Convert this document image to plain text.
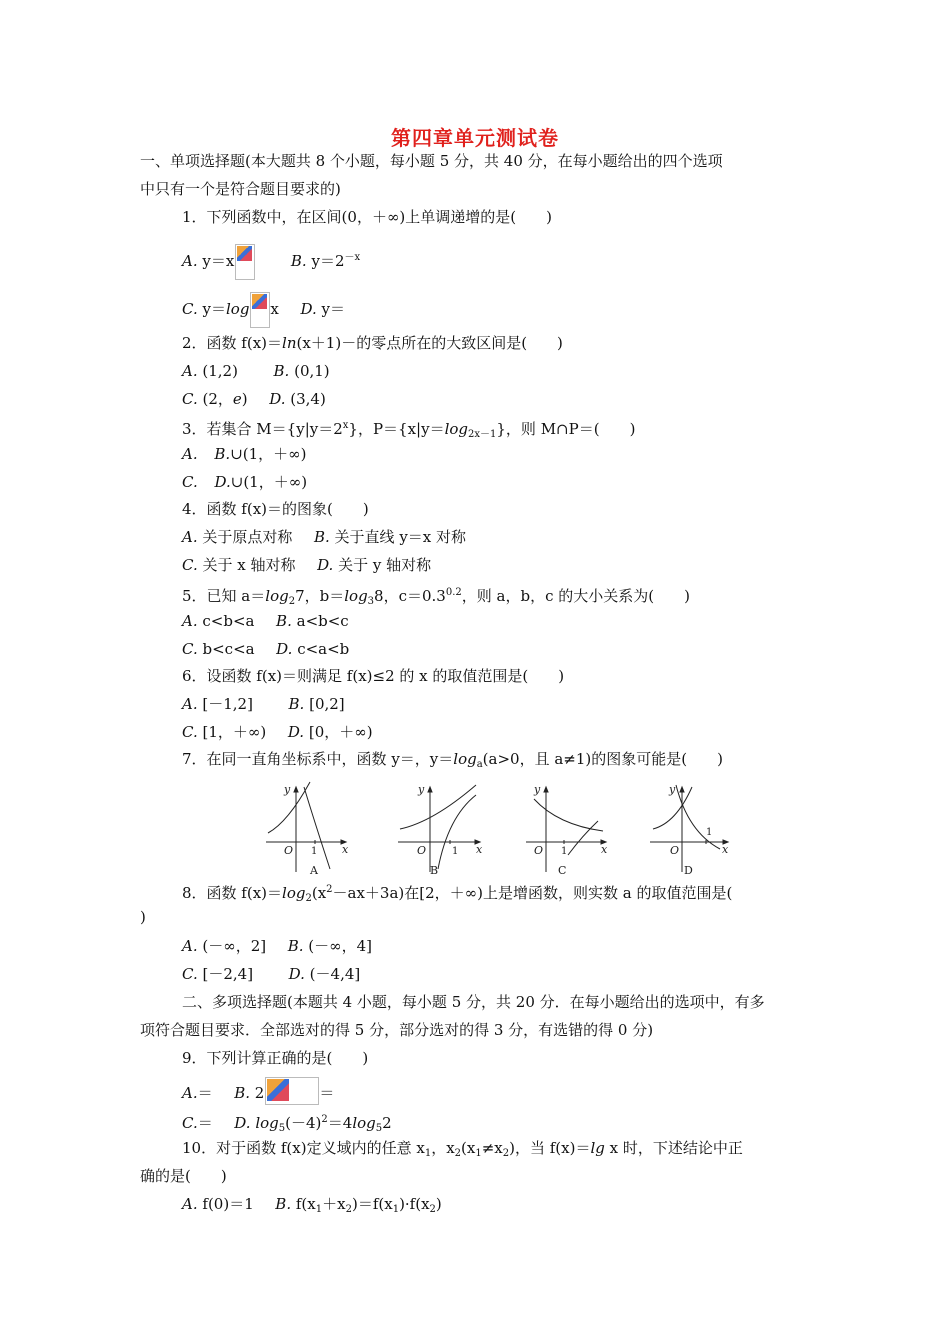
第四章单元测试卷
一、单项选择题(本大题共 8 个小题，每小题 5 分，共 40 分，在每小题给出的四个选项
中只有一个是符合题目要求的)
1．下列函数中，在区间(0，＋∞)上单调递增的是(　　)
A. y＝x	B. $y=2^{-x}$
C. y＝log x D. y＝
2．函数 f(x)＝ln(x＋1)－的零点所在的大致区间是(　　)
A. (1,2) B. (0,1)
C. (2，e) D. (3,4)
3．若集合 $M=\{y|y=2^x\}$，$P=\{x|y=\log_{2x-1}\}$，则 M∩P＝(　　)
A. B.∪(1，＋∞)
C. D.∪(1，＋∞)
4．函数 f(x)＝的图象(　　)
A. 关于原点对称 B. 关于直线 y＝x 对称
C. 关于 x 轴对称 D. 关于 y 轴对称
5．已知 $a=\log_27$，$b=\log_38$，$c=0.3^{0.2}$，则 a，b，c 的大小关系为(　　)
A. c<b<a B. a<b<c
C. b<c<a D. c<a<b
6．设函数 f(x)＝则满足 f(x)≤2 的 x 的取值范围是(　　)
A. [－1,2] B. [0,2]
C. [1，＋∞) D. [0，＋∞)
7．在同一直角坐标系中，函数 y＝，$y=\log_a(a>0$，且 a≠1)的图象可能是(　　)
y
x
O 1
A
y
x
O	1
B
y
x
O 1
C
y
x
O
1
D
8．函数 $f(x)=\log_2(x^2-ax+3a)$在[2，＋∞)上是增函数，则实数 a 的取值范围是(
)
A. (－∞，2] B. (－∞，4]
C. [－2,4] D. (－4,4]
二、多项选择题(本题共 4 小题，每小题 5 分，共 20 分．在每小题给出的选项中，有多
项符合题目要求．全部选对的得 5 分，部分选对的得 3 分，有选错的得 0 分)
9．下列计算正确的是(　　)
A.＝ B. 2	＝
C.＝ D. $\log_5(-4)^2=4\log_52$
10．对于函数 f(x)定义域内的任意 $x_1$，$x_2(x_1\ne x_2)$，当 f(x)＝lg x 时，下述结论中正
确的是(　　)
A. f(0)＝1 B. $f(x_1+x_2)=f(x_1)\cdot f(x_2)$
